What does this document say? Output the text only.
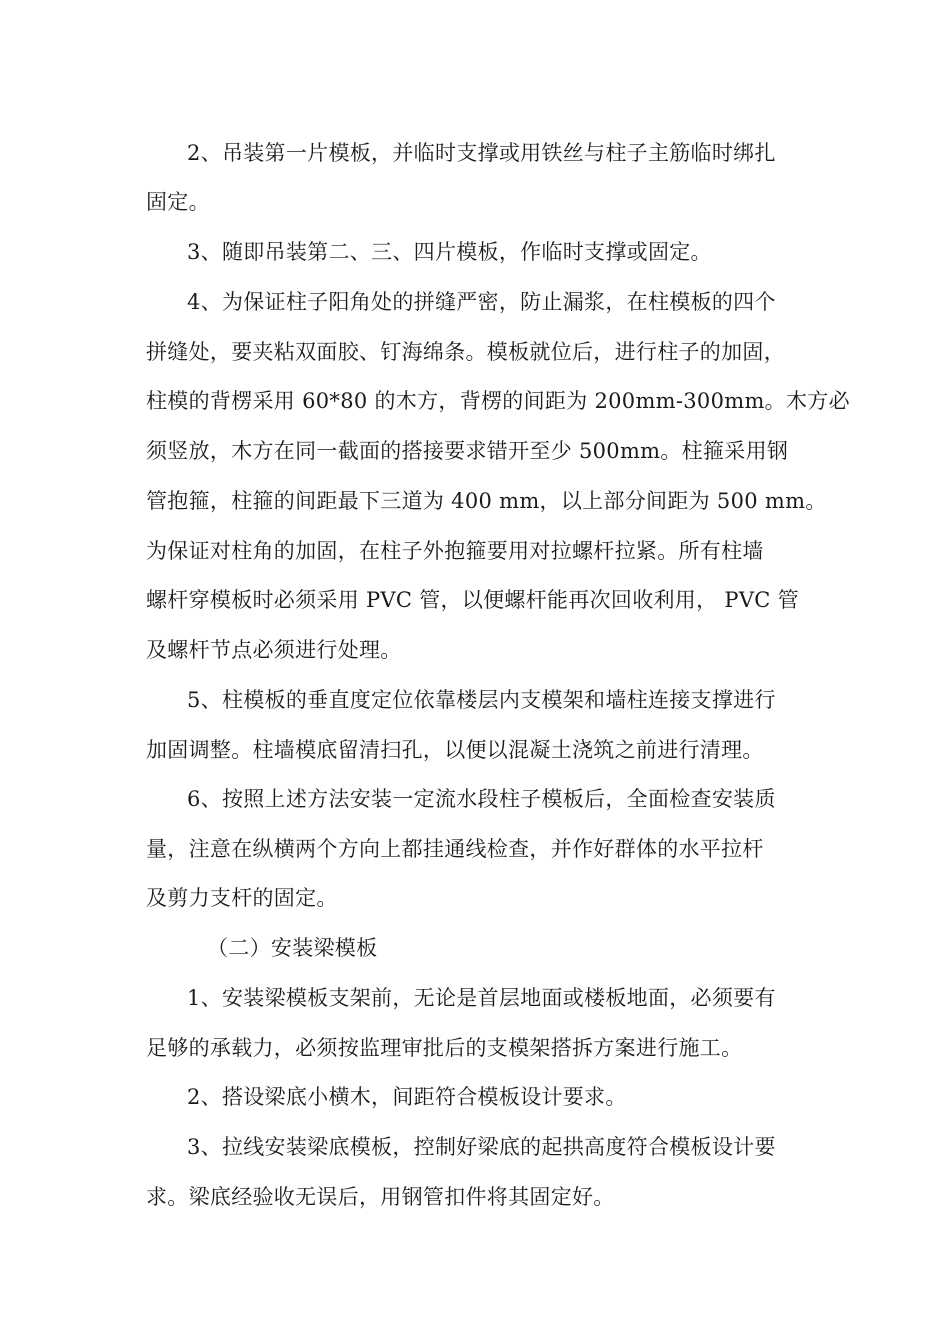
2、吊装第一片模板，并临时支撑或用铁丝与柱子主筋临时绑扎
固定。
3、随即吊装第二、三、四片模板，作临时支撑或固定。
4、为保证柱子阳角处的拼缝严密，防止漏浆，在柱模板的四个
拼缝处，要夹粘双面胶、钉海绵条。模板就位后，进行柱子的加固，
柱模的背楞采用 60*80 的木方，背楞的间距为 200mm-300mm。木方必
须竖放，木方在同一截面的搭接要求错开至少 500mm。柱箍采用钢
管抱箍，柱箍的间距最下三道为 400 mm，以上部分间距为 500 mm。
为保证对柱角的加固，在柱子外抱箍要用对拉螺杆拉紧。所有柱墙
螺杆穿模板时必须采用 PVC 管，以便螺杆能再次回收利用， PVC 管
及螺杆节点必须进行处理。
5、柱模板的垂直度定位依靠楼层内支模架和墙柱连接支撑进行
加固调整。柱墙模底留清扫孔，以便以混凝土浇筑之前进行清理。
6、按照上述方法安装一定流水段柱子模板后，全面检查安装质
量，注意在纵横两个方向上都挂通线检查，并作好群体的水平拉杆
及剪力支杆的固定。
（二）安装梁模板
1、安装梁模板支架前，无论是首层地面或楼板地面，必须要有
足够的承载力，必须按监理审批后的支模架搭拆方案进行施工。
2、搭设梁底小横木，间距符合模板设计要求。
3、拉线安装梁底模板，控制好梁底的起拱高度符合模板设计要
求。梁底经验收无误后，用钢管扣件将其固定好。
